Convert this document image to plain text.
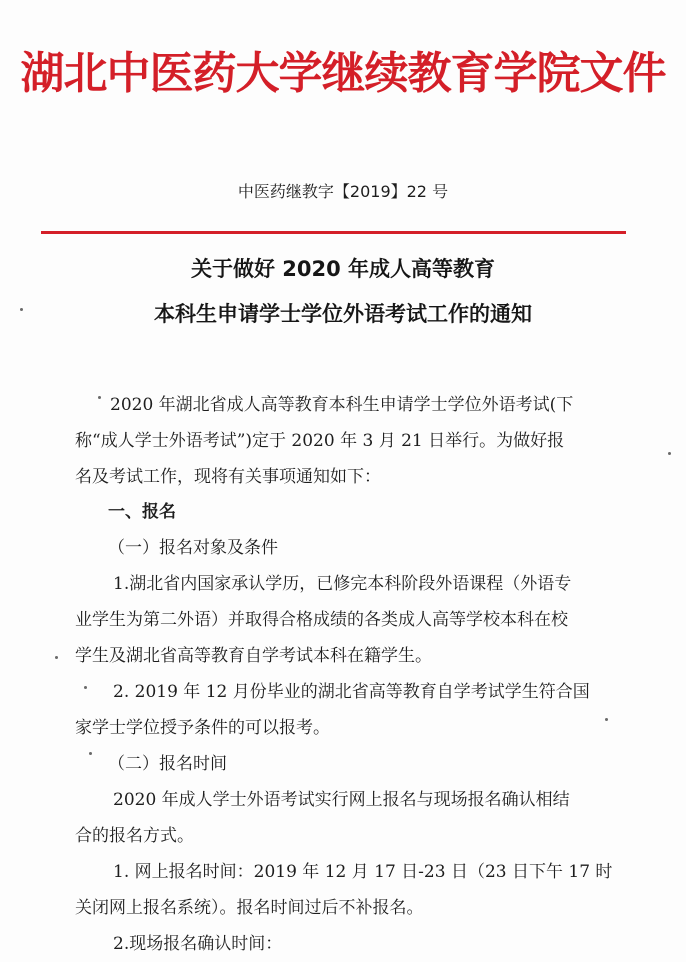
湖北中医药大学继续教育学院文件
中医药继教字【2019】22 号
关于做好 2020 年成人高等教育
本科生申请学士学位外语考试工作的通知
2020 年湖北省成人高等教育本科生申请学士学位外语考试(下
称“成人学士外语考试”)定于 2020 年 3 月 21 日举行。为做好报
名及考试工作，现将有关事项通知如下：
一、报名
（一）报名对象及条件
1.湖北省内国家承认学历，已修完本科阶段外语课程（外语专
业学生为第二外语）并取得合格成绩的各类成人高等学校本科在校
学生及湖北省高等教育自学考试本科在籍学生。
2. 2019 年 12 月份毕业的湖北省高等教育自学考试学生符合国
家学士学位授予条件的可以报考。
（二）报名时间
2020 年成人学士外语考试实行网上报名与现场报名确认相结
合的报名方式。
1. 网上报名时间：2019 年 12 月 17 日-23 日（23 日下午 17 时
关闭网上报名系统）。报名时间过后不补报名。
2.现场报名确认时间：
